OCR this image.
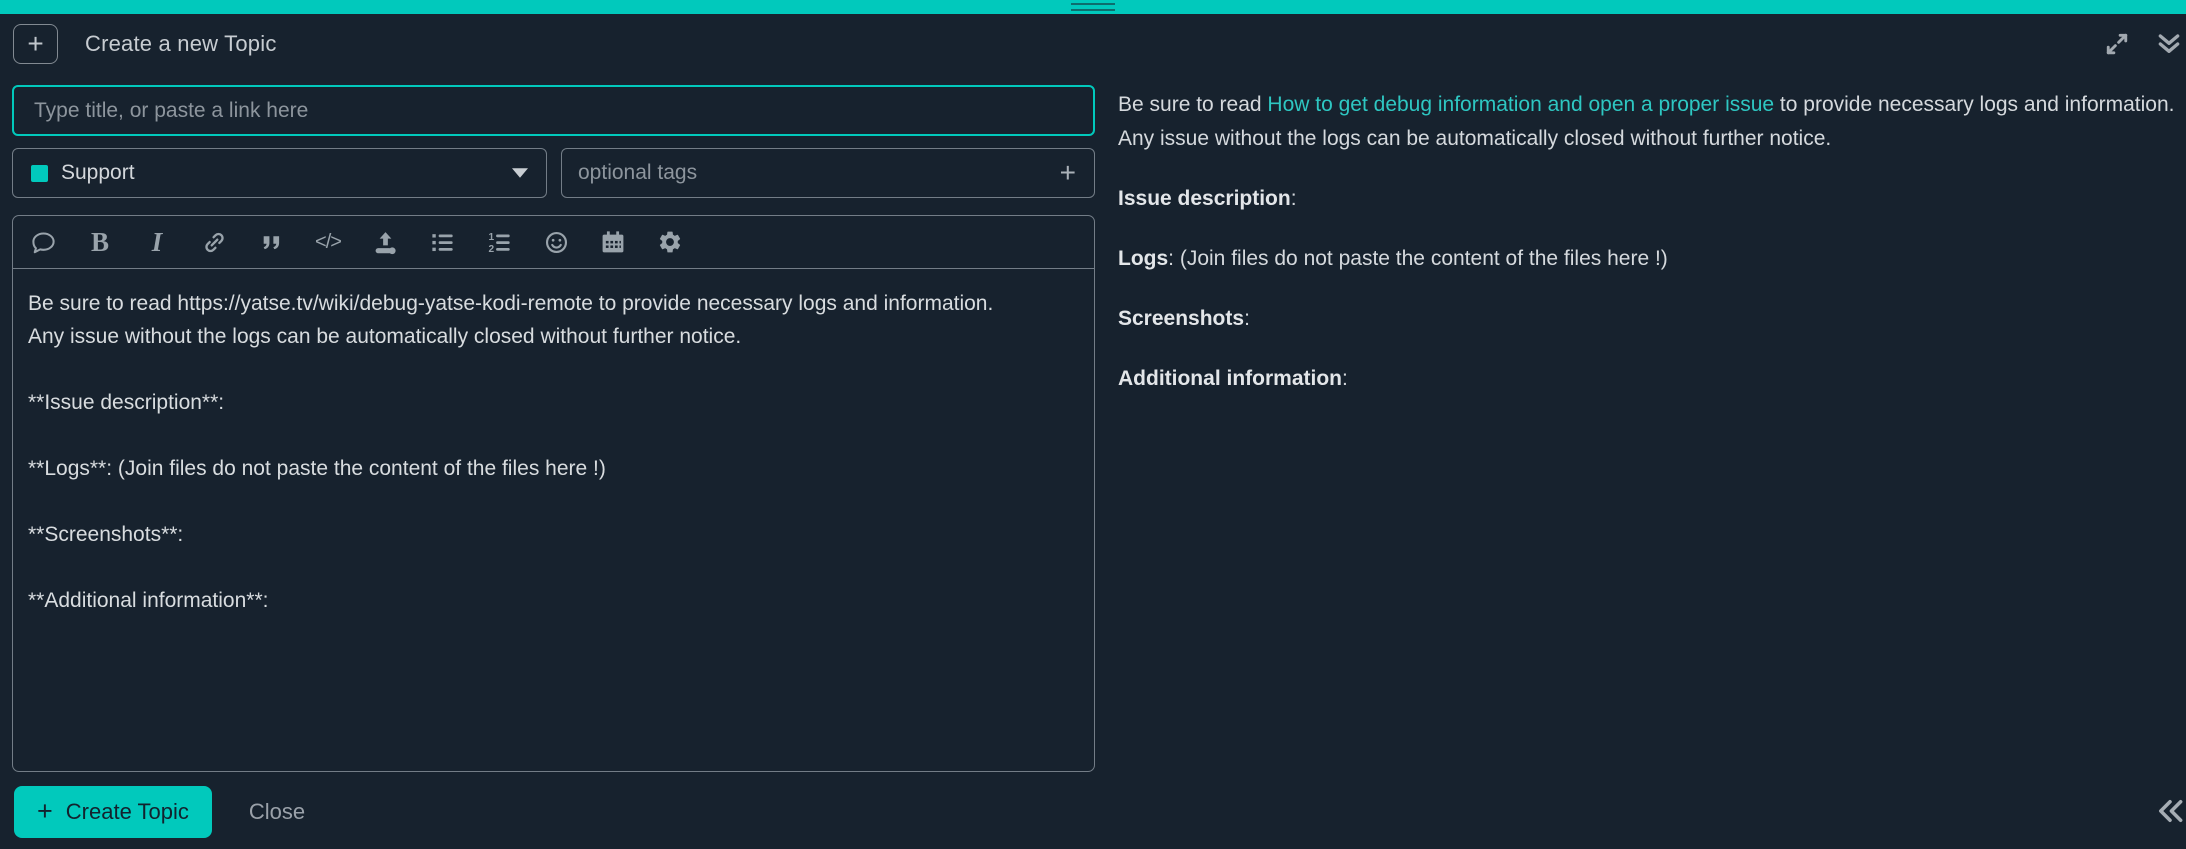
+ Create a new Topic
Type title, or paste a link here
Support
optional tags	+
B I	</>	1
2
Be sure to read https://yatse.tv/wiki/debug-yatse-kodi-remote to provide necessary logs and information. Any issue without the logs can be automatically closed without further notice. **Issue description**: **Logs**: (Join files do not paste the content of the files here !) **Screenshots**: **Additional information**:
+ Create Topic	Close

Be sure to read How to get debug information and open a proper issue to provide necessary logs and information.
Any issue without the logs can be automatically closed without further notice.

Issue description:

Logs: (Join files do not paste the content of the files here !)

Screenshots:

Additional information:
